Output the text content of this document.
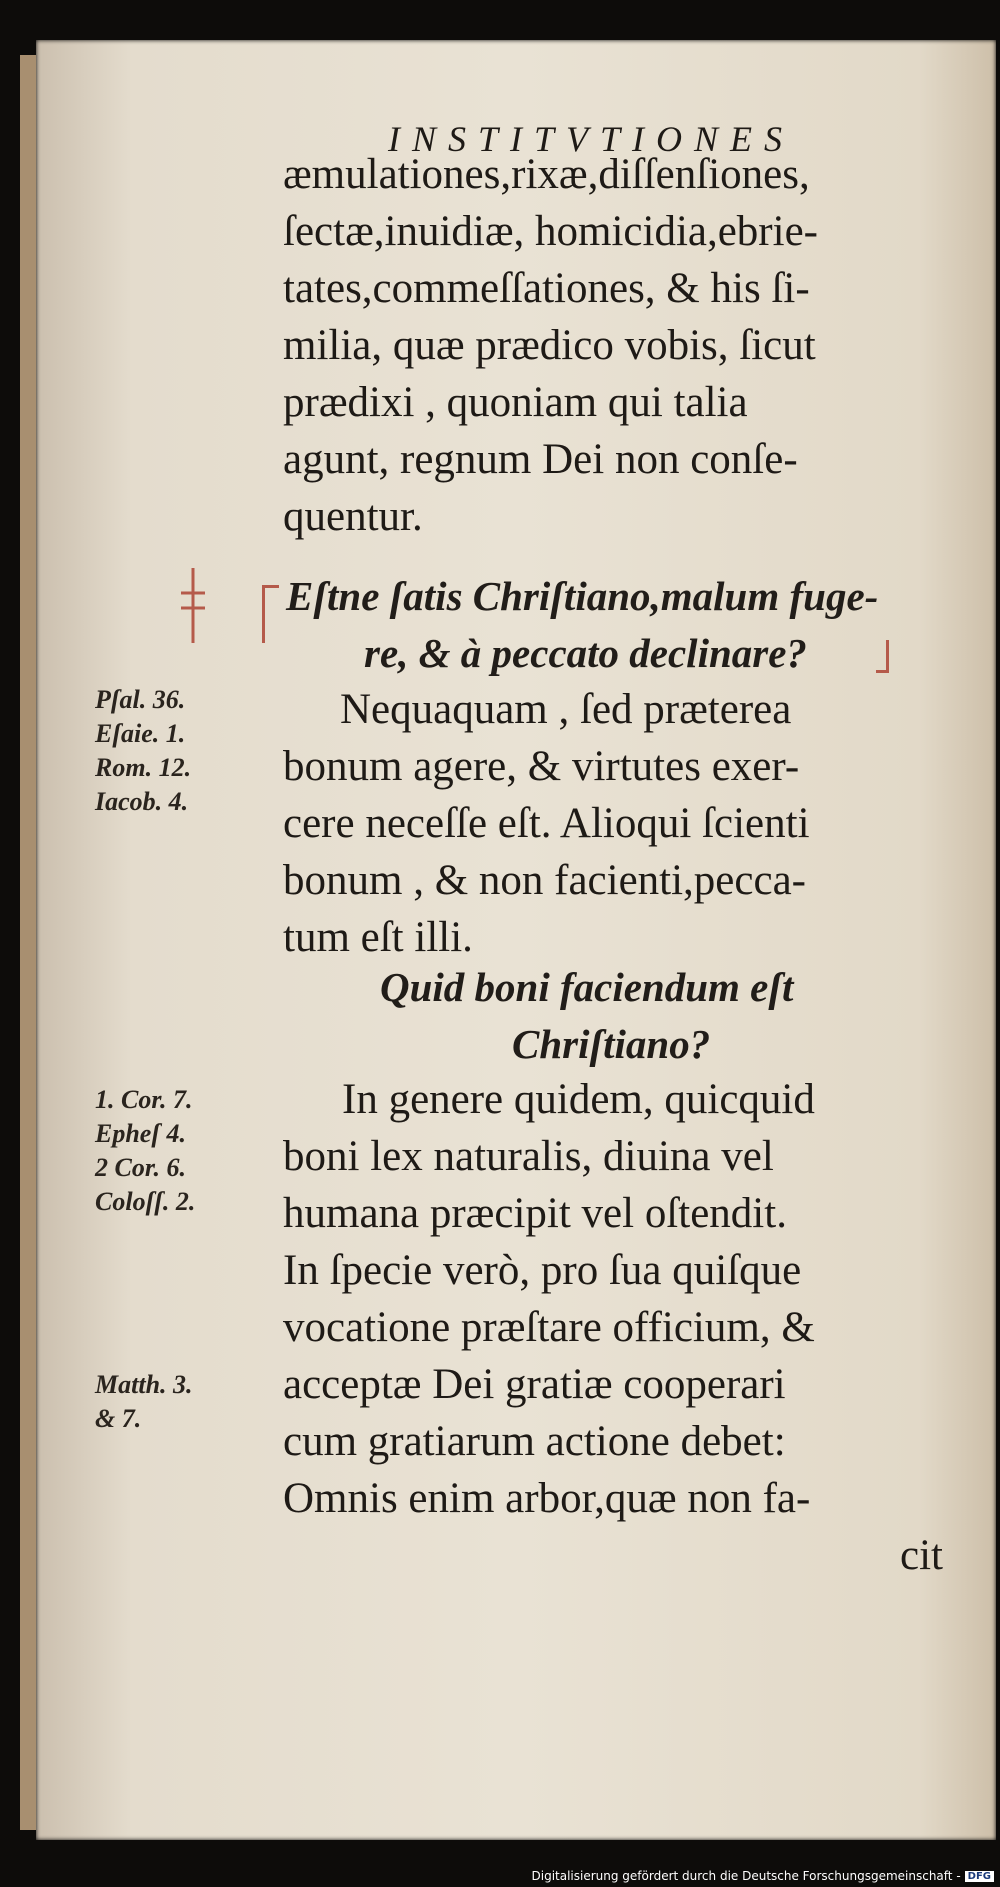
INSTITVTIONES
æmulationes,rixæ,diſſenſiones,
ſectæ,inuidiæ, homicidia,ebrie-
tates,commeſſationes, & his ſi-
milia, quæ prædico vobis, ſicut
prædixi , quoniam qui talia
agunt, regnum Dei non conſe-
quentur.
Eſtne ſatis Chriſtiano,malum fuge-
re, & à peccato declinare?
Nequaquam , ſed præterea
bonum agere, & virtutes exer-
cere neceſſe eſt. Alioqui ſcienti
bonum , & non facienti,pecca-
tum eſt illi.
Quid boni faciendum eſt
Chriſtiano?
In genere quidem, quicquid
boni lex naturalis, diuina vel
humana præcipit vel oſtendit.
In ſpecie verò, pro ſua quiſque
vocatione præſtare officium, &
acceptæ Dei gratiæ cooperari
cum gratiarum actione debet:
Omnis enim arbor,quæ non fa-
cit
Pſal. 36.
Eſaie. 1.
Rom. 12.
Iacob. 4.
1. Cor. 7.
Epheſ 4.
2 Cor. 6.
Coloſſ. 2.
Matth. 3.
& 7.
Digitalisierung gefördert durch die Deutsche Forschungsgemeinschaft - DFG
